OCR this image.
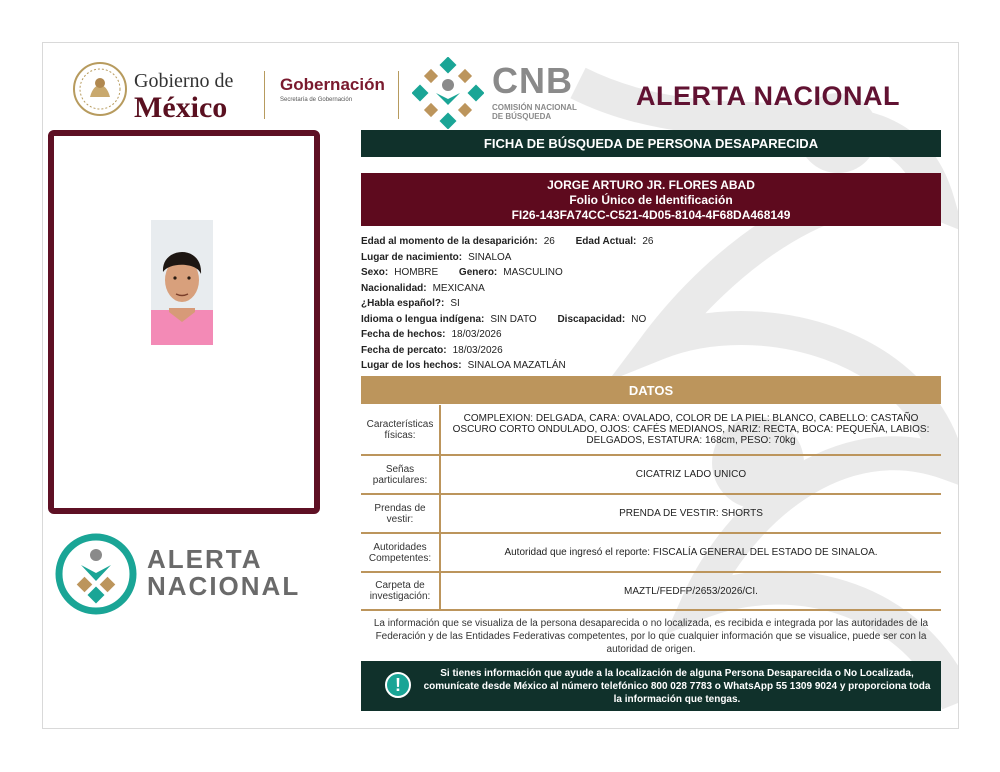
Gobierno de
México
Gobernación
Secretaría de Gobernación	CNB
COMISIÓN NACIONAL
DE BÚSQUEDA
ALERTA NACIONAL
ALERTA
NACIONAL
FICHA DE BÚSQUEDA DE PERSONA DESAPARECIDA
JORGE ARTURO JR. FLORES ABAD
Folio Único de Identificación
FI26-143FA74CC-C521-4D05-8104-4F68DA468149
Edad al momento de la desaparición: 26 Edad Actual: 26
Lugar de nacimiento: SINALOA
Sexo: HOMBRE Genero: MASCULINO
Nacionalidad: MEXICANA
¿Habla español?: SI
Idioma o lengua indígena: SIN DATO Discapacidad: NO
Fecha de hechos: 18/03/2026
Fecha de percato: 18/03/2026
Lugar de los hechos: SINALOA MAZATLÁN
DATOS
Características físicas:	COMPLEXION: DELGADA, CARA: OVALADO, COLOR DE LA PIEL: BLANCO, CABELLO: CASTAÑO OSCURO CORTO ONDULADO, OJOS: CAFÉS MEDIANOS, NARIZ: RECTA, BOCA: PEQUEÑA, LABIOS: DELGADOS, ESTATURA: 168cm, PESO: 70kg
Señas particulares:	CICATRIZ LADO UNICO
Prendas de vestir:	PRENDA DE VESTIR: SHORTS
Autoridades Competentes:	Autoridad que ingresó el reporte: FISCALÍA GENERAL DEL ESTADO DE SINALOA.
Carpeta de investigación:	MAZTL/FEDFP/2653/2026/CI.
La información que se visualiza de la persona desaparecida o no localizada, es recibida e integrada por las autoridades de la Federación y de las Entidades Federativas competentes, por lo que cualquier información que se visualice, puede ser con la autoridad de origen.
!
Si tienes información que ayude a la localización de alguna Persona Desaparecida o No Localizada, comunícate desde México al número telefónico 800 028 7783 o WhatsApp 55 1309 9024 y proporciona toda la información que tengas.
